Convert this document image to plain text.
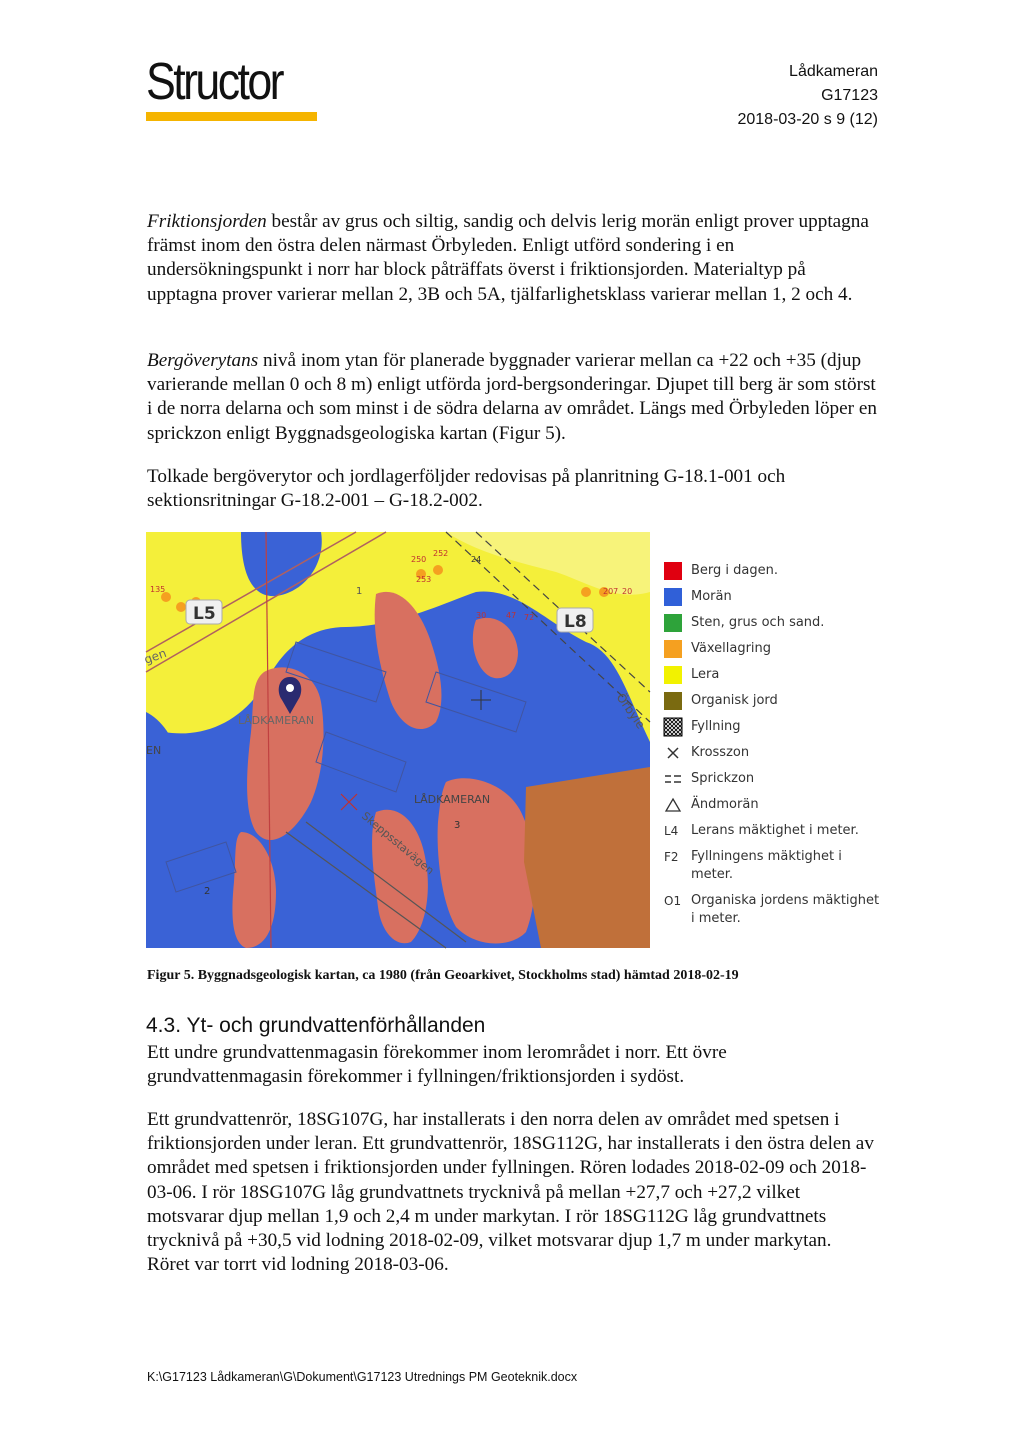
Structor	Lådkameran
G17123
2018-03-20 s 9 (12)

Friktionsjorden består av grus och siltig, sandig och delvis lerig morän enligt prover upptagna främst inom den östra delen närmast Örbyleden. Enligt utförd sondering i en undersökningspunkt i norr har block påträffats överst i friktionsjorden. Materialtyp på upptagna prover varierar mellan 2, 3B och 5A, tjälfarlighetsklass varierar mellan 1, 2 och 4.

Bergöverytans nivå inom ytan för planerade byggnader varierar mellan ca +22 och +35 (djup varierande mellan 0 och 8 m) enligt utförda jord-bergsonderingar. Djupet till berg är som störst i de norra delarna och som minst i de södra delarna av området. Längs med Örbyleden löper en sprickzon enligt Byggnadsgeologiska kartan (Figur 5).

Tolkade bergöverytor och jordlagerföljder redovisas på planritning G-18.1-001 och sektionsritningar G-18.2-001 – G-18.2-002.

L5	L8
LÅDKAMERAN
LÅDKAMERAN
Örbyle
Skeppsstavägen
1
3
2
gen
EN
250
252
253
24
30 47 72
207 20
135
Berg i dagen.
Morän
Sten, grus och sand.
Växellagring
Lera
Organisk jord
Fyllning
Krosszon
Sprickzon
Ändmorän
L4 Lerans mäktighet i meter.
F2 Fyllningens mäktighet i meter.
O1 Organiska jordens mäktighet i meter.
Figur 5. Byggnadsgeologisk kartan, ca 1980 (från Geoarkivet, Stockholms stad) hämtad 2018-02-19
4.3. Yt- och grundvattenförhållanden

Ett undre grundvattenmagasin förekommer inom lerområdet i norr. Ett övre grundvattenmagasin förekommer i fyllningen/friktionsjorden i sydöst.

Ett grundvattenrör, 18SG107G, har installerats i den norra delen av området med spetsen i friktionsjorden under leran. Ett grundvattenrör, 18SG112G, har installerats i den östra delen av området med spetsen i friktionsjorden under fyllningen. Rören lodades 2018-02-09 och 2018-03-06. I rör 18SG107G låg grundvattnets trycknivå på mellan +27,7 och +27,2 vilket motsvarar djup mellan 1,9 och 2,4 m under markytan. I rör 18SG112G låg grundvattnets trycknivå på +30,5 vid lodning 2018-02-09, vilket motsvarar djup 1,7 m under markytan. Röret var torrt vid lodning 2018-03-06.

K:\G17123 Lådkameran\G\Dokument\G17123 Utrednings PM Geoteknik.docx
